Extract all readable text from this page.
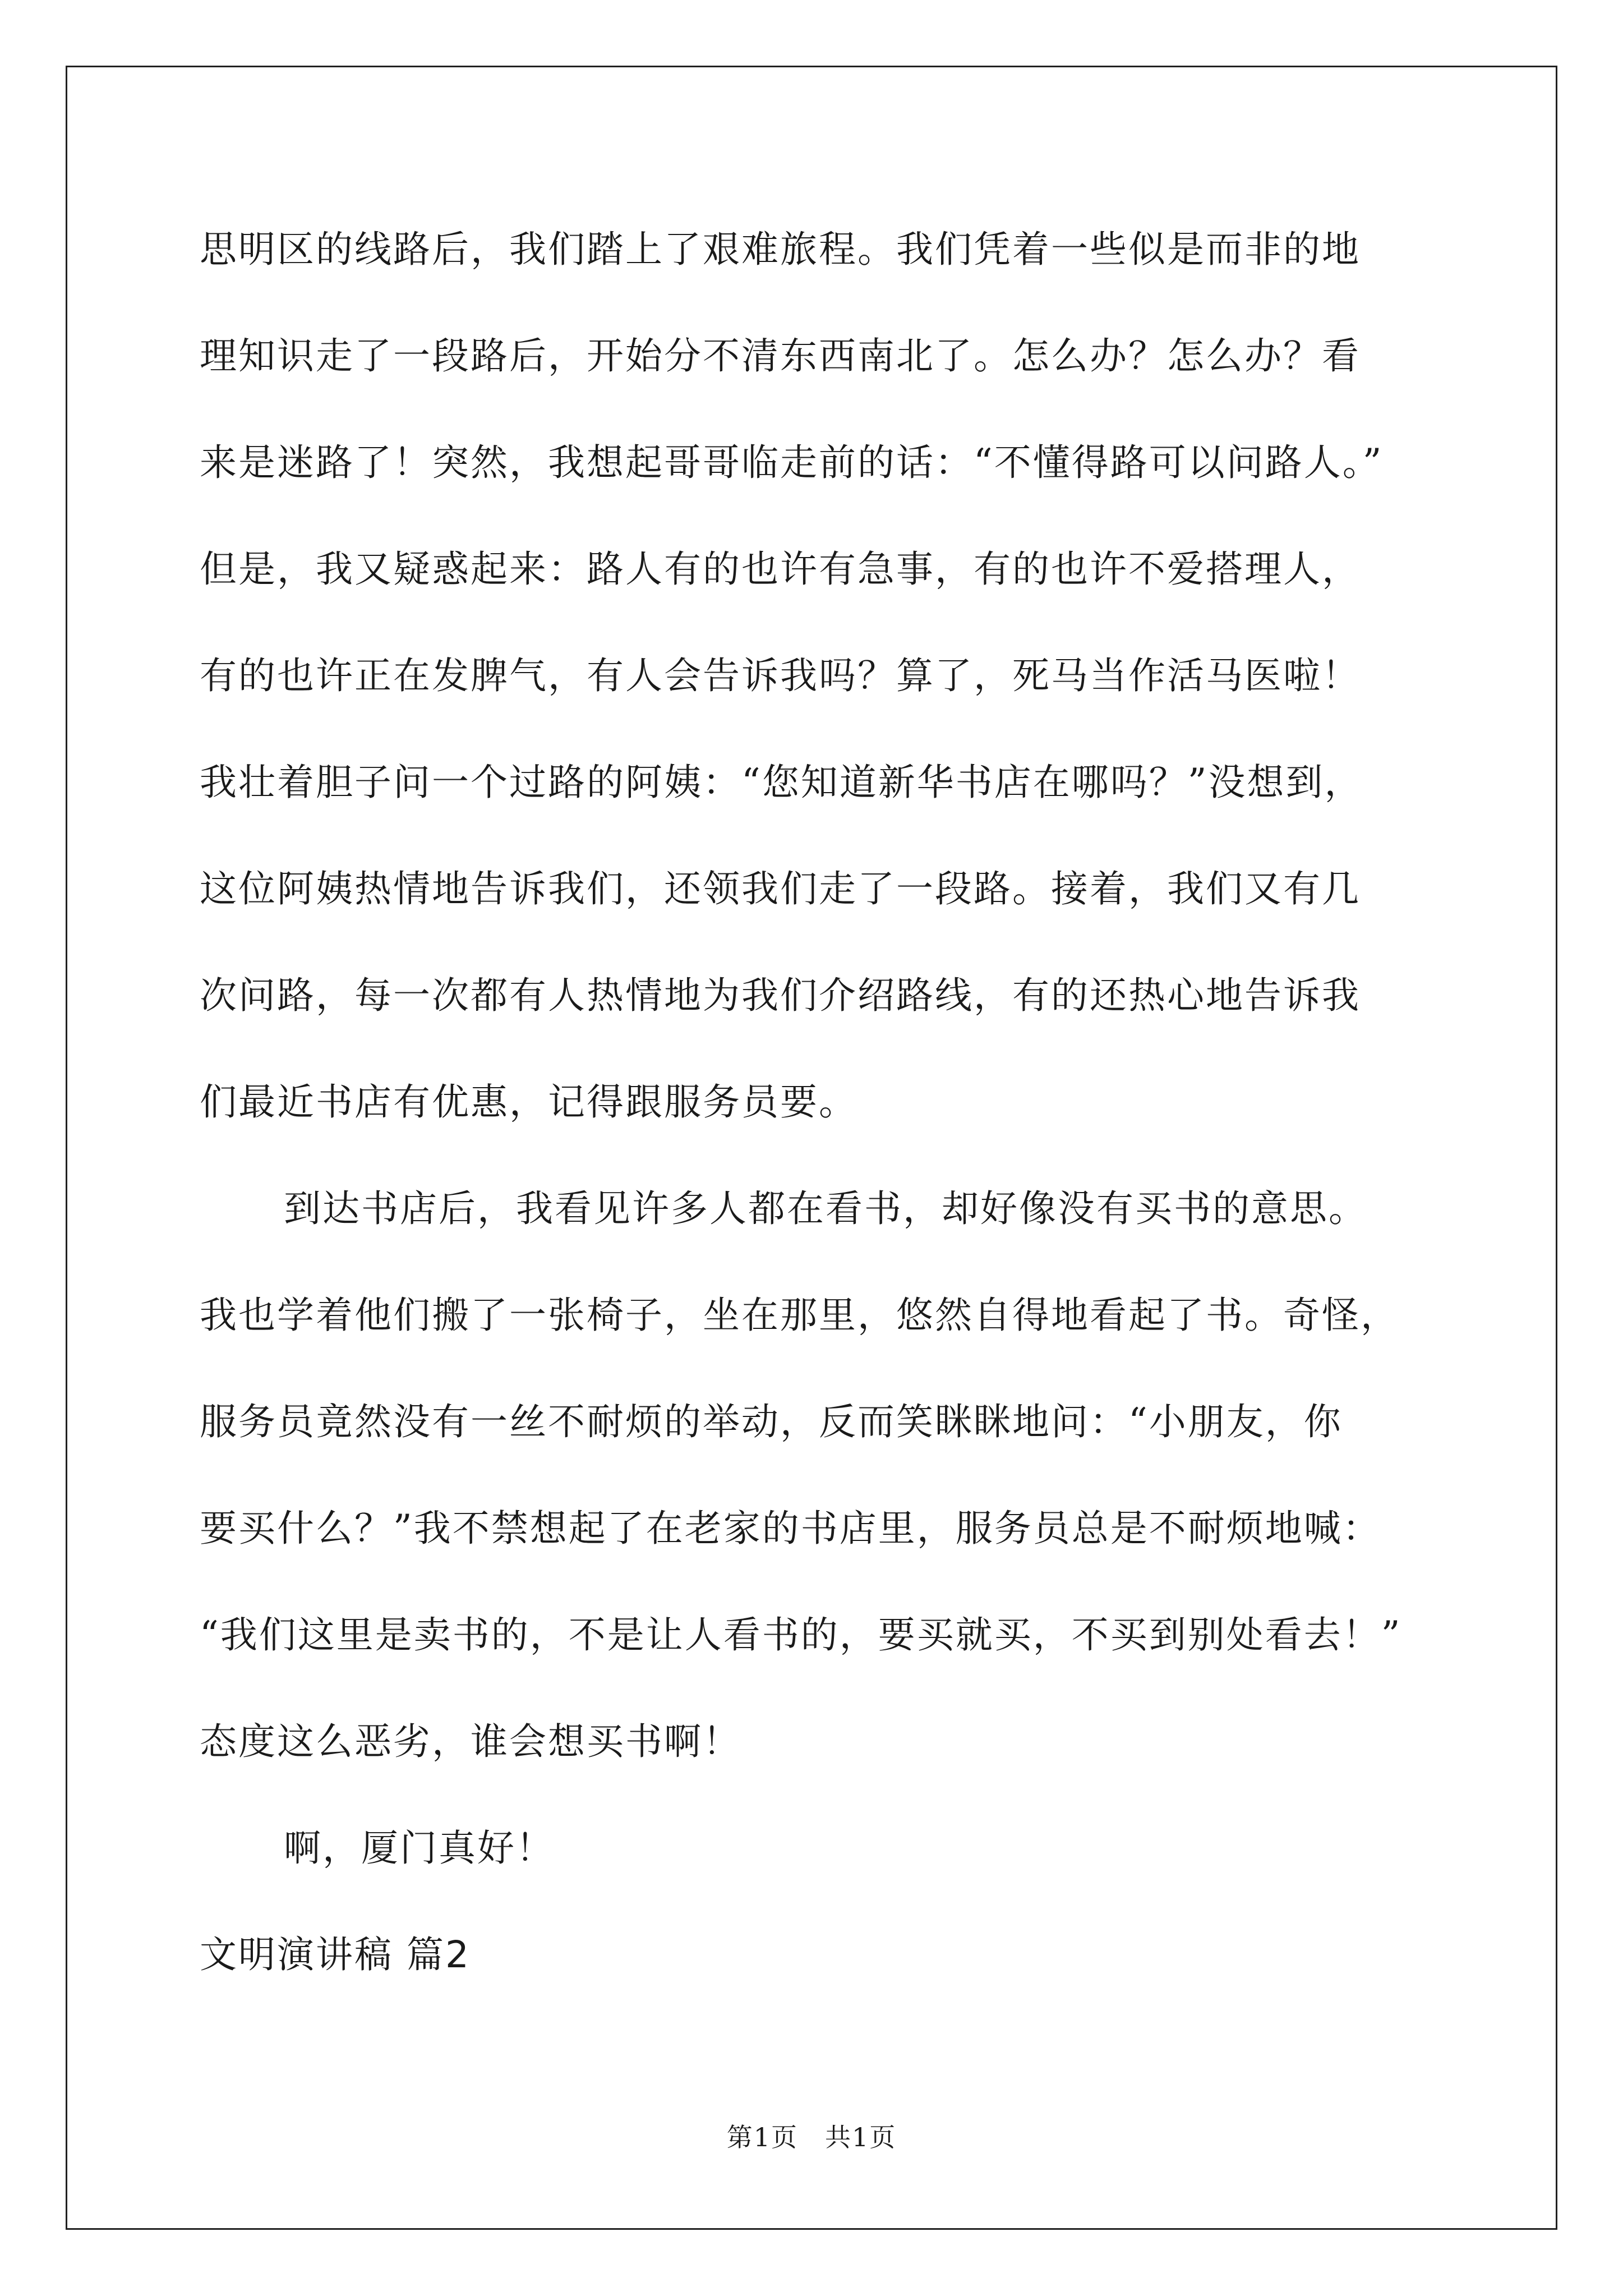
思明区的线路后，我们踏上了艰难旅程。我们凭着一些似是而非的地
理知识走了一段路后，开始分不清东西南北了。怎么办？怎么办？看
来是迷路了！突然，我想起哥哥临走前的话：“不懂得路可以问路人。”
但是，我又疑惑起来：路人有的也许有急事，有的也许不爱搭理人，
有的也许正在发脾气，有人会告诉我吗？算了，死马当作活马医啦！
我壮着胆子问一个过路的阿姨：“您知道新华书店在哪吗？”没想到，
这位阿姨热情地告诉我们，还领我们走了一段路。接着，我们又有几
次问路，每一次都有人热情地为我们介绍路线，有的还热心地告诉我
们最近书店有优惠，记得跟服务员要。
到达书店后，我看见许多人都在看书，却好像没有买书的意思。
我也学着他们搬了一张椅子，坐在那里，悠然自得地看起了书。奇怪，
服务员竟然没有一丝不耐烦的举动，反而笑眯眯地问：“小朋友，你
要买什么？”我不禁想起了在老家的书店里，服务员总是不耐烦地喊：
“我们这里是卖书的，不是让人看书的，要买就买，不买到别处看去！”
态度这么恶劣，谁会想买书啊！
啊，厦门真好！
文明演讲稿 篇2
第1页　共1页
